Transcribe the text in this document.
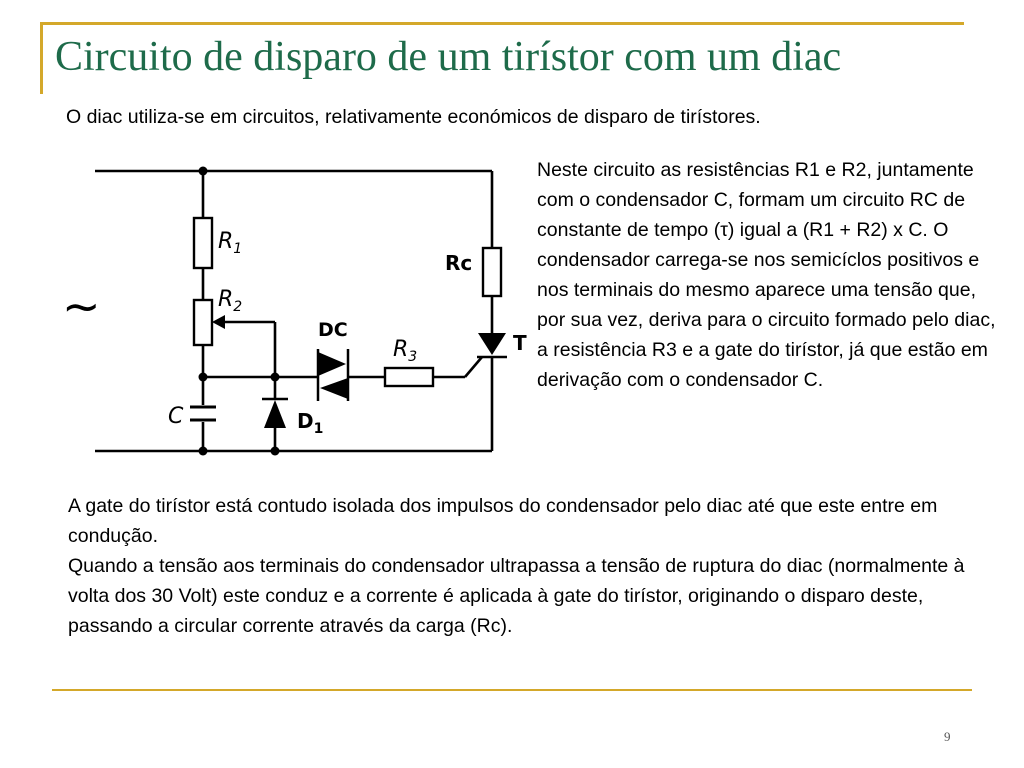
Circuito de disparo de um tiríst​or com um diac

O diac utiliza-se em circuitos, relativamente económicos de disparo de tirístores.

~
$R_1$
$R_2$
$R_3$
C
DC
$D_1$
Rc
T

Neste circuito as resistências R1 e R2, juntamente com o condensador C, formam um circuito RC de constante de tempo (τ) igual a (R1 + R2) x C. O condensador carrega-se nos semicíclos positivos e nos terminais do mesmo aparece uma tensão que, por sua vez, deriva para o circuito formado pelo diac, a resistência R3 e a gate do tirístor, já que estão em derivação com o condensador C.

A gate do tirístor está contudo isolada dos impulsos do condensador pelo diac até que este entre em condução.

Quando a tensão aos terminais do condensador ultrapassa a tensão de ruptura do diac (normalmente à volta dos 30 Volt) este conduz e a corrente é aplicada à gate do tirístor, originando o disparo deste, passando a circular corrente através da carga (Rc).

9
